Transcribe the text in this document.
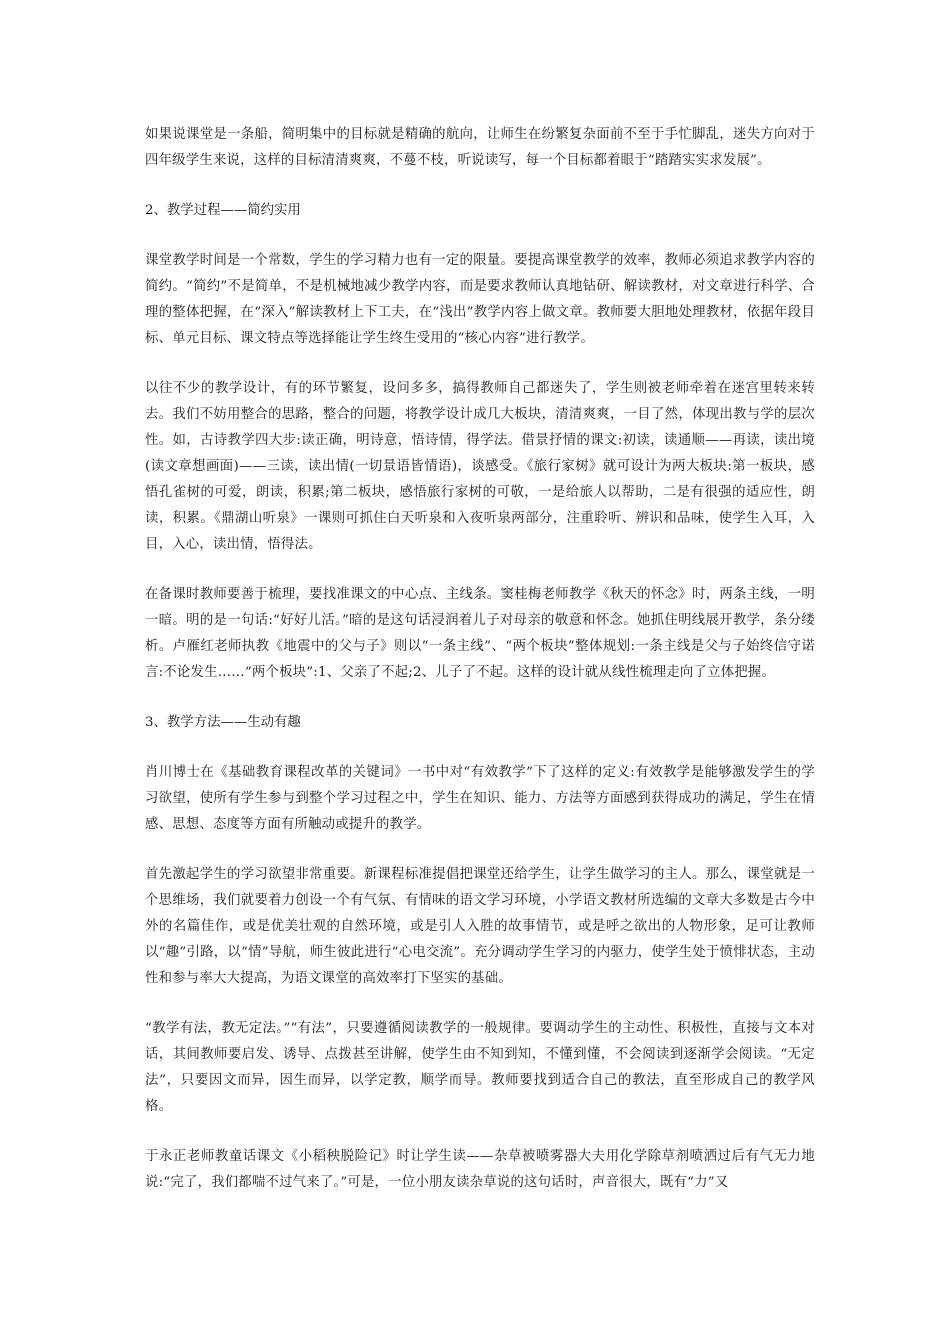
如果说课堂是一条船，简明集中的目标就是精确的航向，让师生在纷繁复杂面前不至于手忙脚乱，迷失方向对于四年级学生来说，这样的目标清清爽爽，不蔓不枝，听说读写，每一个目标都着眼于“踏踏实实求发展”。

2、教学过程——简约实用

课堂教学时间是一个常数，学生的学习精力也有一定的限量。要提高课堂教学的效率，教师必须追求教学内容的简约。“简约”不是简单，不是机械地减少教学内容，而是要求教师认真地钻研、解读教材，对文章进行科学、合理的整体把握，在“深入”解读教材上下工夫，在“浅出”教学内容上做文章。教师要大胆地处理教材，依据年段目标、单元目标、课文特点等选择能让学生终生受用的“核心内容”进行教学。

以往不少的教学设计，有的环节繁复，设问多多，搞得教师自己都迷失了，学生则被老师牵着在迷宫里转来转去。我们不妨用整合的思路，整合的问题，将教学设计成几大板块，清清爽爽，一目了然，体现出教与学的层次性。如，古诗教学四大步:读正确，明诗意，悟诗情，得学法。借景抒情的课文:初读，读通顺——再读，读出境(读文章想画面)——三读，读出情(一切景语皆情语)，谈感受。《旅行家树》就可设计为两大板块:第一板块，感悟孔雀树的可爱，朗读，积累;第二板块，感悟旅行家树的可敬，一是给旅人以帮助，二是有很强的适应性，朗读，积累。《鼎湖山听泉》一课则可抓住白天听泉和入夜听泉两部分，注重聆听、辨识和品味，使学生入耳，入目，入心，读出情，悟得法。

在备课时教师要善于梳理，要找准课文的中心点、主线条。窦桂梅老师教学《秋天的怀念》时，两条主线，一明一暗。明的是一句话:“好好儿活。”暗的是这句话浸润着儿子对母亲的敬意和怀念。她抓住明线展开教学，条分缕析。卢雁红老师执教《地震中的父与子》则以“一条主线”、“两个板块”整体规划:一条主线是父与子始终信守诺言:不论发生……“两个板块”:1、父亲了不起;2、儿子了不起。这样的设计就从线性梳理走向了立体把握。

3、教学方法——生动有趣

肖川博士在《基础教育课程改革的关键词》一书中对“有效教学”下了这样的定义:有效教学是能够激发学生的学习欲望，使所有学生参与到整个学习过程之中，学生在知识、能力、方法等方面感到获得成功的满足，学生在情感、思想、态度等方面有所触动或提升的教学。

首先激起学生的学习欲望非常重要。新课程标准提倡把课堂还给学生，让学生做学习的主人。那么，课堂就是一个思维场，我们就要着力创设一个有气氛、有情味的语文学习环境，小学语文教材所选编的文章大多数是古今中外的名篇佳作，或是优美壮观的自然环境，或是引人入胜的故事情节，或是呼之欲出的人物形象，足可让教师以“趣”引路，以“情”导航，师生彼此进行“心电交流”。充分调动学生学习的内驱力，使学生处于愤悱状态，主动性和参与率大大提高，为语文课堂的高效率打下坚实的基础。

“教学有法，教无定法。”“有法”，只要遵循阅读教学的一般规律。要调动学生的主动性、积极性，直接与文本对话，其间教师要启发、诱导、点拨甚至讲解，使学生由不知到知，不懂到懂，不会阅读到逐渐学会阅读。“无定法”，只要因文而异，因生而异，以学定教，顺学而导。教师要找到适合自己的教法，直至形成自己的教学风格。

于永正老师教童话课文《小稻秧脱险记》时让学生读——杂草被喷雾器大夫用化学除草剂喷洒过后有气无力地说:“完了，我们都喘不过气来了。”可是，一位小朋友读杂草说的这句话时，声音很大，既有“力”又
